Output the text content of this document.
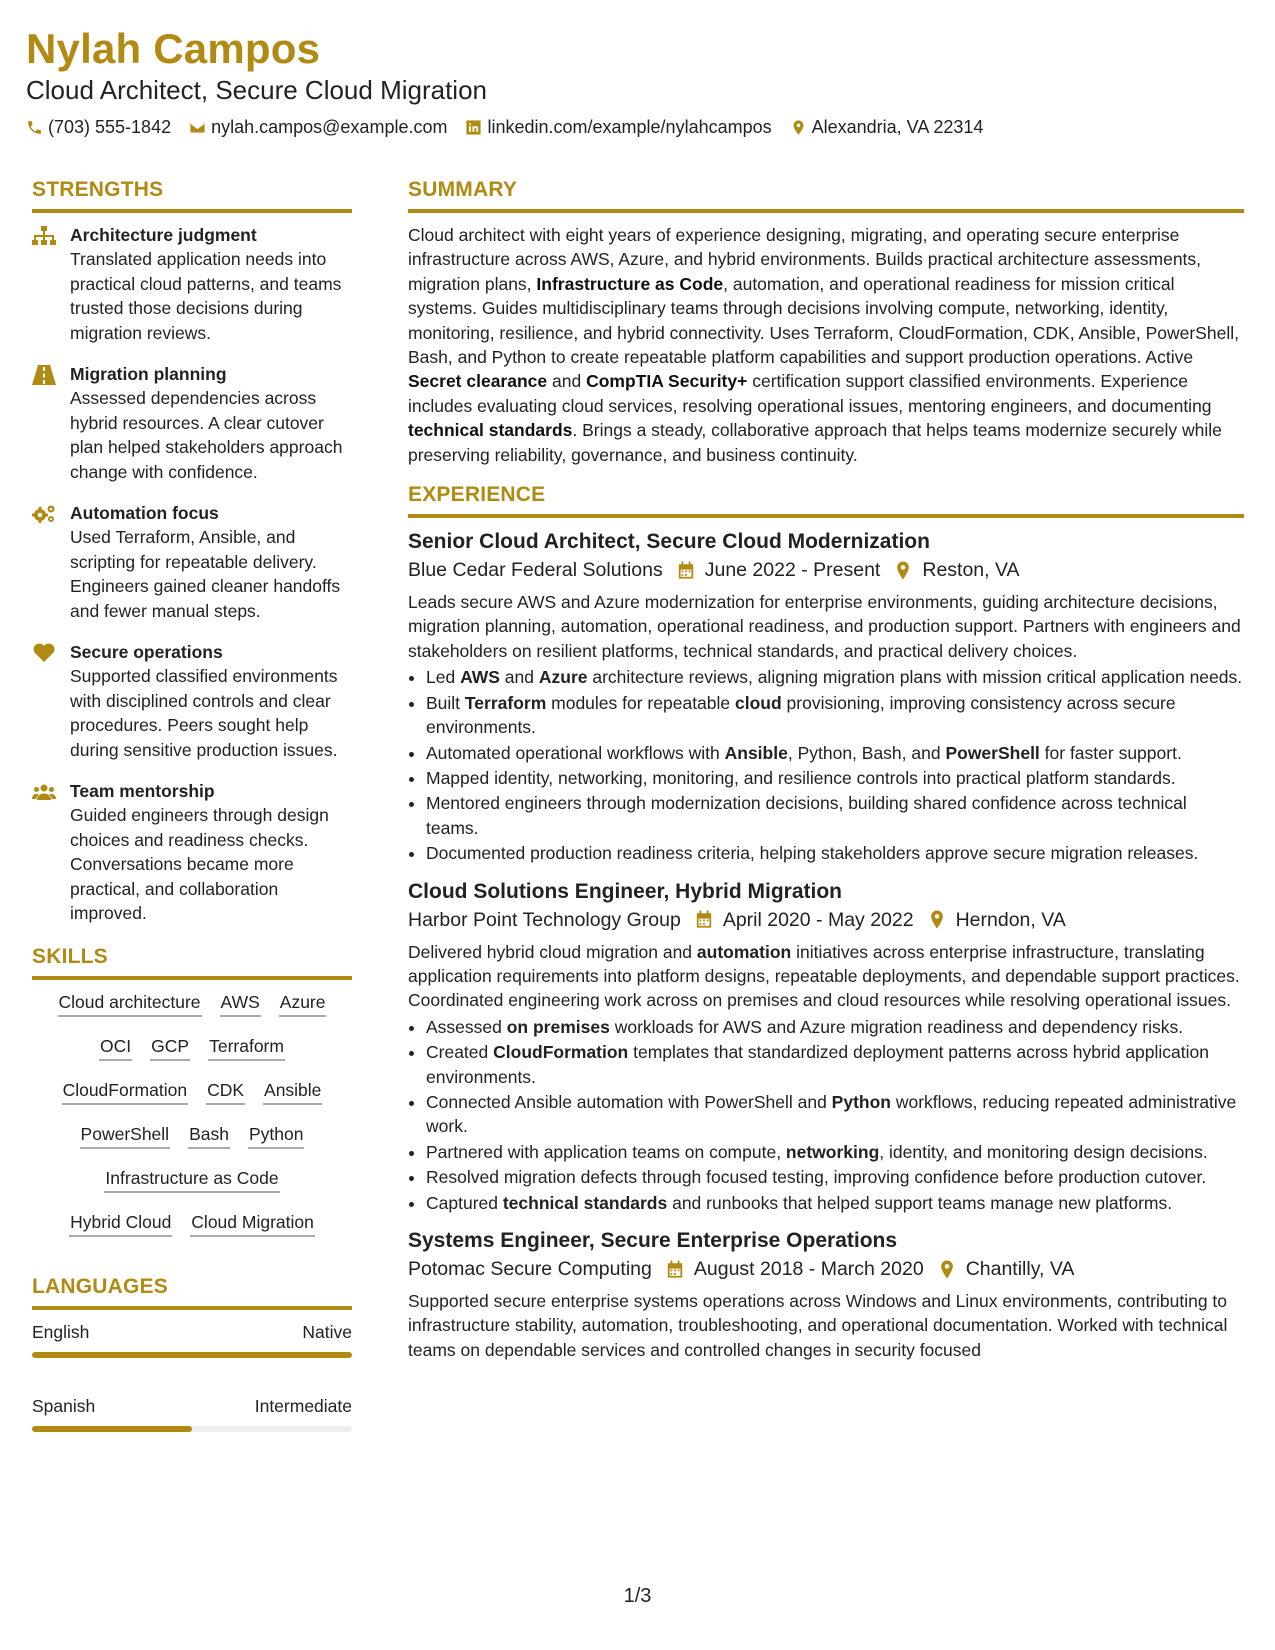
Nylah Campos
Cloud Architect, Secure Cloud Migration
(703) 555-1842 nylah.campos@example.com linkedin.com/example/nylahcampos Alexandria, VA 22314
STRENGTHS
Architecture judgment
Translated application needs into practical cloud patterns, and teams trusted those decisions during migration reviews.
Migration planning
Assessed dependencies across hybrid resources. A clear cutover plan helped stakeholders approach change with confidence.
Automation focus
Used Terraform, Ansible, and scripting for repeatable delivery. Engineers gained cleaner handoffs and fewer manual steps.
Secure operations
Supported classified environments with disciplined controls and clear procedures. Peers sought help during sensitive production issues.
Team mentorship
Guided engineers through design choices and readiness checks. Conversations became more practical, and collaboration improved.
SKILLS
Cloud architecture AWS Azure
OCI GCP Terraform
CloudFormation CDK Ansible
PowerShell Bash Python
Infrastructure as Code
Hybrid Cloud Cloud Migration
LANGUAGES
English	Native
Spanish	Intermediate
SUMMARY
Cloud architect with eight years of experience designing, migrating, and operating secure enterprise infrastructure across AWS, Azure, and hybrid environments. Builds practical architecture assessments, migration plans, Infrastructure as Code, automation, and operational readiness for mission critical systems. Guides multidisciplinary teams through decisions involving compute, networking, identity, monitoring, resilience, and hybrid connectivity. Uses Terraform, CloudFormation, CDK, Ansible, PowerShell, Bash, and Python to create repeatable platform capabilities and support production operations. Active Secret clearance and CompTIA Security+ certification support classified environments. Experience includes evaluating cloud services, resolving operational issues, mentoring engineers, and documenting technical standards. Brings a steady, collaborative approach that helps teams modernize securely while preserving reliability, governance, and business continuity.
EXPERIENCE
Senior Cloud Architect, Secure Cloud Modernization
Blue Cedar Federal Solutions June 2022 - Present Reston, VA
Leads secure AWS and Azure modernization for enterprise environments, guiding architecture decisions, migration planning, automation, operational readiness, and production support. Partners with engineers and stakeholders on resilient platforms, technical standards, and practical delivery choices.
• Led AWS and Azure architecture reviews, aligning migration plans with mission critical application needs.
• Built Terraform modules for repeatable cloud provisioning, improving consistency across secure environments.
• Automated operational workflows with Ansible, Python, Bash, and PowerShell for faster support.
• Mapped identity, networking, monitoring, and resilience controls into practical platform standards.
• Mentored engineers through modernization decisions, building shared confidence across technical teams.
• Documented production readiness criteria, helping stakeholders approve secure migration releases.
Cloud Solutions Engineer, Hybrid Migration
Harbor Point Technology Group April 2020 - May 2022 Herndon, VA
Delivered hybrid cloud migration and automation initiatives across enterprise infrastructure, translating application requirements into platform designs, repeatable deployments, and dependable support practices. Coordinated engineering work across on premises and cloud resources while resolving operational issues.
• Assessed on premises workloads for AWS and Azure migration readiness and dependency risks.
• Created CloudFormation templates that standardized deployment patterns across hybrid application environments.
• Connected Ansible automation with PowerShell and Python workflows, reducing repeated administrative work.
• Partnered with application teams on compute, networking, identity, and monitoring design decisions.
• Resolved migration defects through focused testing, improving confidence before production cutover.
• Captured technical standards and runbooks that helped support teams manage new platforms.
Systems Engineer, Secure Enterprise Operations
Potomac Secure Computing August 2018 - March 2020 Chantilly, VA
Supported secure enterprise systems operations across Windows and Linux environments, contributing to infrastructure stability, automation, troubleshooting, and operational documentation. Worked with technical teams on dependable services and controlled changes in security focused
1/3
